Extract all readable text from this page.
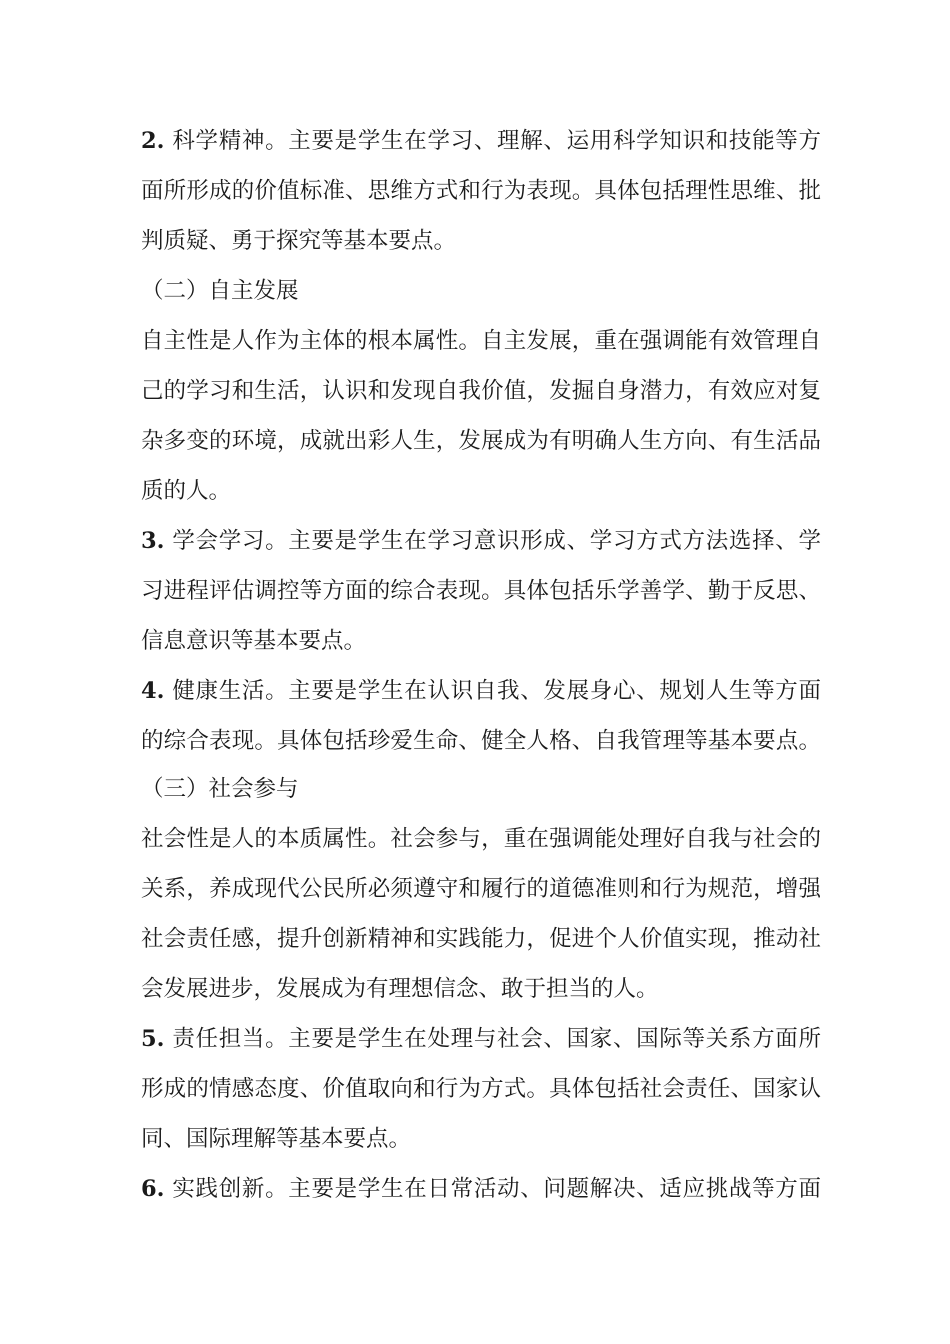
2. 科学精神。主要是学生在学习、理解、运用科学知识和技能等方
面所形成的价值标准、思维方式和行为表现。具体包括理性思维、批
判质疑、勇于探究等基本要点。
（二）自主发展
自主性是人作为主体的根本属性。自主发展，重在强调能有效管理自
己的学习和生活，认识和发现自我价值，发掘自身潜力，有效应对复
杂多变的环境，成就出彩人生，发展成为有明确人生方向、有生活品
质的人。
3. 学会学习。主要是学生在学习意识形成、学习方式方法选择、学
习进程评估调控等方面的综合表现。具体包括乐学善学、勤于反思、
信息意识等基本要点。
4. 健康生活。主要是学生在认识自我、发展身心、规划人生等方面
的综合表现。具体包括珍爱生命、健全人格、自我管理等基本要点。
（三）社会参与
社会性是人的本质属性。社会参与，重在强调能处理好自我与社会的
关系，养成现代公民所必须遵守和履行的道德准则和行为规范，增强
社会责任感，提升创新精神和实践能力，促进个人价值实现，推动社
会发展进步，发展成为有理想信念、敢于担当的人。
5. 责任担当。主要是学生在处理与社会、国家、国际等关系方面所
形成的情感态度、价值取向和行为方式。具体包括社会责任、国家认
同、国际理解等基本要点。
6. 实践创新。主要是学生在日常活动、问题解决、适应挑战等方面
